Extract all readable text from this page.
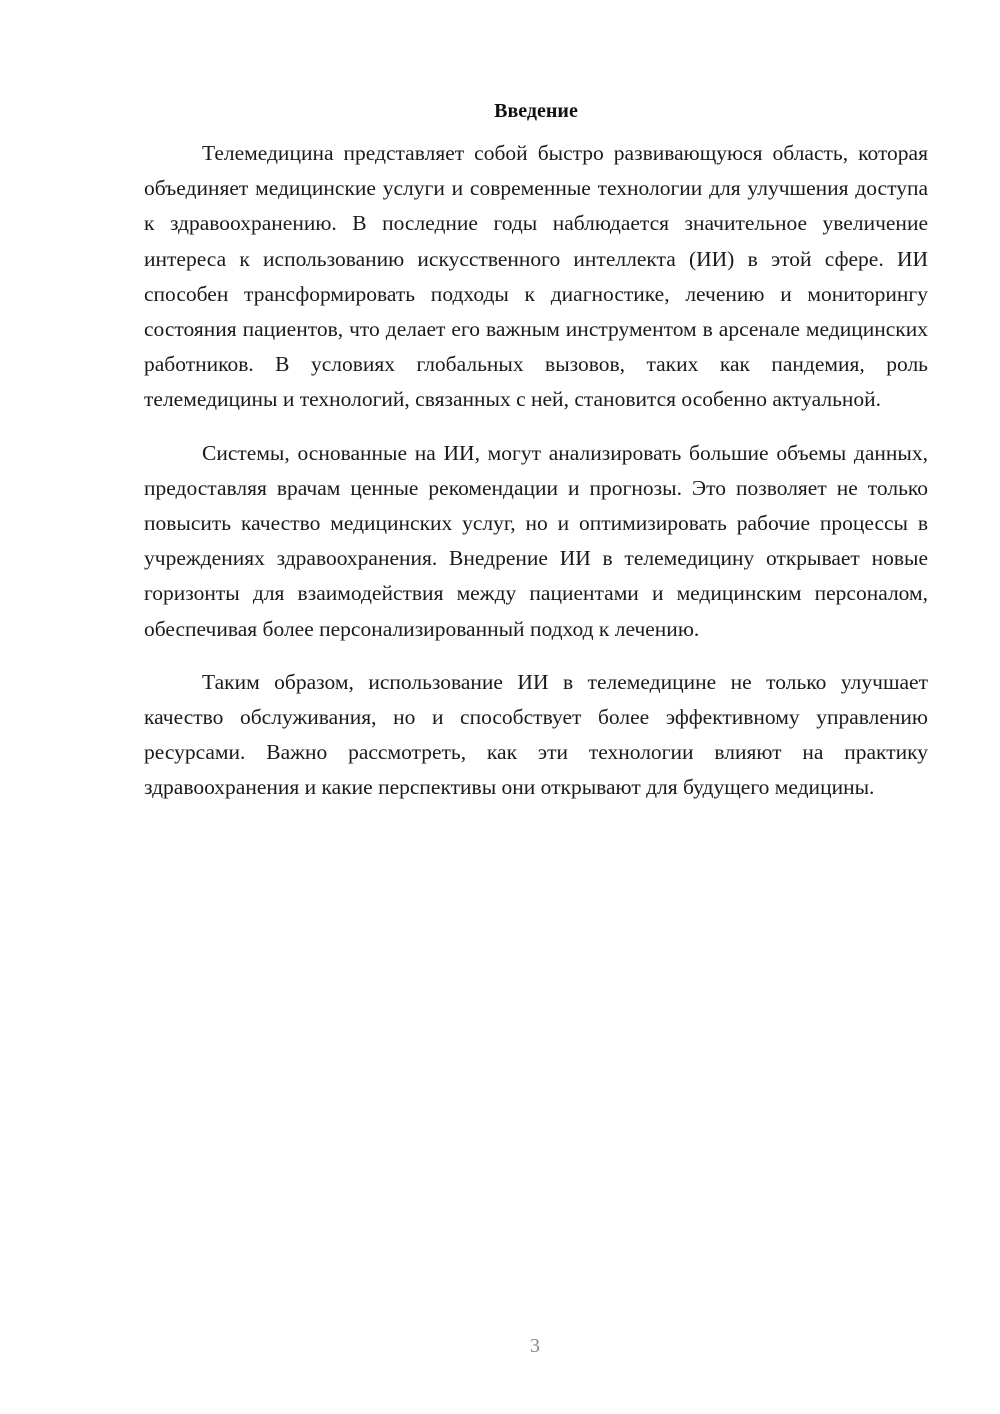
Введение

Телемедицина представляет собой быстро развивающуюся область, которая объединяет медицинские услуги и современные технологии для улучшения доступа к здравоохранению. В последние годы наблюдается значительное увеличение интереса к использованию искусственного интеллекта (ИИ) в этой сфере. ИИ способен трансформировать подходы к диагностике, лечению и мониторингу состояния пациентов, что делает его важным инструментом в арсенале медицинских работников. В условиях глобальных вызовов, таких как пандемия, роль телемедицины и технологий, связанных с ней, становится особенно актуальной.

Системы, основанные на ИИ, могут анализировать большие объемы данных, предоставляя врачам ценные рекомендации и прогнозы. Это позволяет не только повысить качество медицинских услуг, но и оптимизировать рабочие процессы в учреждениях здравоохранения. Внедрение ИИ в телемедицину открывает новые горизонты для взаимодействия между пациентами и медицинским персоналом, обеспечивая более персонализированный подход к лечению.

Таким образом, использование ИИ в телемедицине не только улучшает качество обслуживания, но и способствует более эффективному управлению ресурсами. Важно рассмотреть, как эти технологии влияют на практику здравоохранения и какие перспективы они открывают для будущего медицины.

3
